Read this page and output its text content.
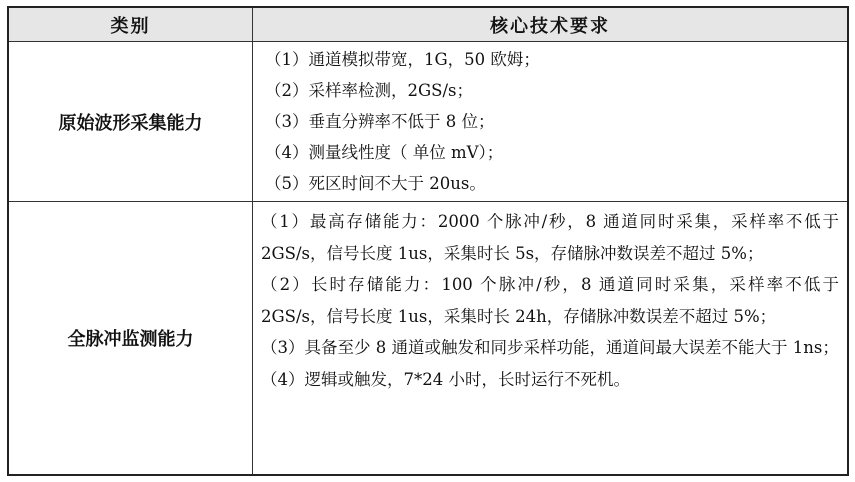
类别	核心技术要求
原始波形采集能力
（1）通道模拟带宽，1G，50 欧姆；
（2）采样率检测，2GS/s；
（3）垂直分辨率不低于 8 位；
（4）测量线性度（ 单位 mV）；
（5）死区时间不大于 20us。
全脉冲监测能力
（1）最高存储能力：2000 个脉冲/秒，8 通道同时采集，采样率不低于 2GS/s，信号长度 1us，采集时长 5s，存储脉冲数误差不超过 5%；
（2）长时存储能力：100 个脉冲/秒，8 通道同时采集，采样率不低于 2GS/s，信号长度 1us，采集时长 24h，存储脉冲数误差不超过 5%；
（3）具备至少 8 通道或触发和同步采样功能，通道间最大误差不能大于 1ns；
（4）逻辑或触发，7*24 小时，长时运行不死机。
